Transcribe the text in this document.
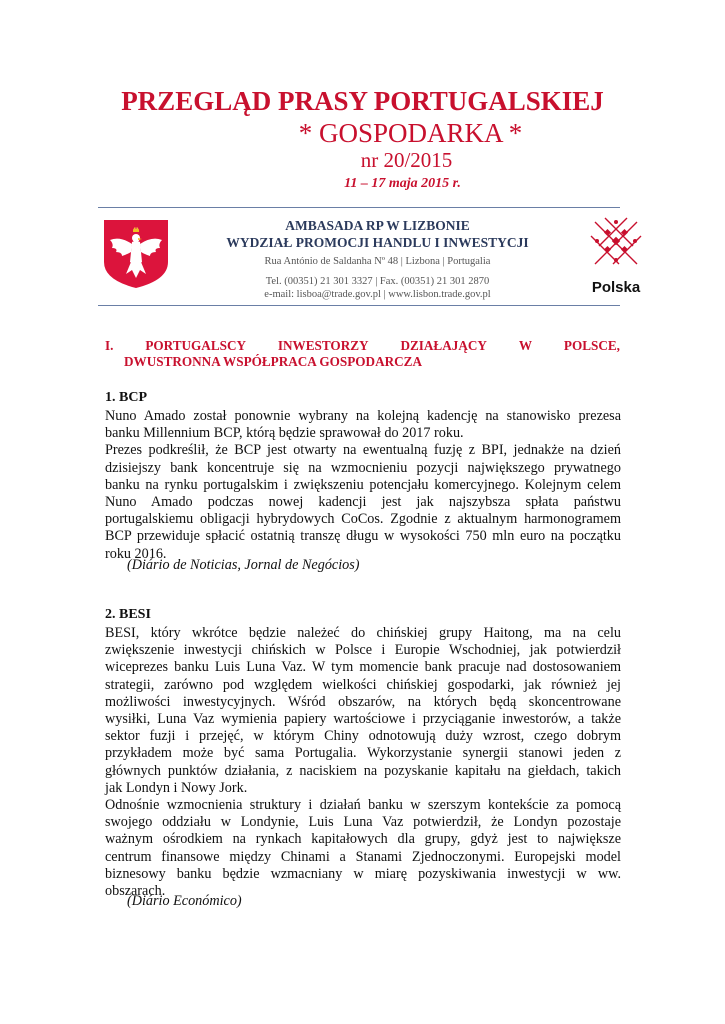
PRZEGLĄD PRASY PORTUGALSKIEJ
* GOSPODARKA *
nr 20/2015
11 – 17 maja 2015 r.
AMBASADA RP W LIZBONIE
WYDZIAŁ PROMOCJI HANDLU I INWESTYCJI
Rua António de Saldanha Nº 48 | Lizbona | Portugalia
Tel. (00351) 21 301 3327 | Fax. (00351) 21 301 2870
e-mail: lisboa@trade.gov.pl | www.lisbon.trade.gov.pl	Polska
I. PORTUGALSCY INWESTORZY DZIAŁAJĄCY W POLSCE,
DWUSTRONNA WSPÓŁPRACA GOSPODARCZA
1. BCP
Nuno Amado został ponownie wybrany na kolejną kadencję na stanowisko prezesa
banku Millennium BCP, którą będzie sprawował do 2017 roku.
Prezes podkreślił, że BCP jest otwarty na ewentualną fuzję z BPI, jednakże na dzień
dzisiejszy bank koncentruje się na wzmocnieniu pozycji największego prywatnego
banku na rynku portugalskim i zwiększeniu potencjału komercyjnego. Kolejnym celem
Nuno Amado podczas nowej kadencji jest jak najszybsza spłata państwu
portugalskiemu obligacji hybrydowych CoCos. Zgodnie z aktualnym harmonogramem
BCP przewiduje spłacić ostatnią transzę długu w wysokości 750 mln euro na początku
roku 2016.
(Diário de Noticias, Jornal de Negócios)
2. BESI
BESI, który wkrótce będzie należeć do chińskiej grupy Haitong, ma na celu
zwiększenie inwestycji chińskich w Polsce i Europie Wschodniej, jak potwierdził
wiceprezes banku Luis Luna Vaz. W tym momencie bank pracuje nad dostosowaniem
strategii, zarówno pod względem wielkości chińskiej gospodarki, jak również jej
możliwości inwestycyjnych. Wśród obszarów, na których będą skoncentrowane
wysiłki, Luna Vaz wymienia papiery wartościowe i przyciąganie inwestorów, a także
sektor fuzji i przejęć, w którym Chiny odnotowują duży wzrost, czego dobrym
przykładem może być sama Portugalia. Wykorzystanie synergii stanowi jeden z
głównych punktów działania, z naciskiem na pozyskanie kapitału na giełdach, takich
jak Londyn i Nowy Jork.
Odnośnie wzmocnienia struktury i działań banku w szerszym kontekście za pomocą
swojego oddziału w Londynie, Luis Luna Vaz potwierdził, że Londyn pozostaje
ważnym ośrodkiem na rynkach kapitałowych dla grupy, gdyż jest to największe
centrum finansowe między Chinami a Stanami Zjednoczonymi. Europejski model
biznesowy banku będzie wzmacniany w miarę pozyskiwania inwestycji w ww.
obszarach.
(Diário Económico)
